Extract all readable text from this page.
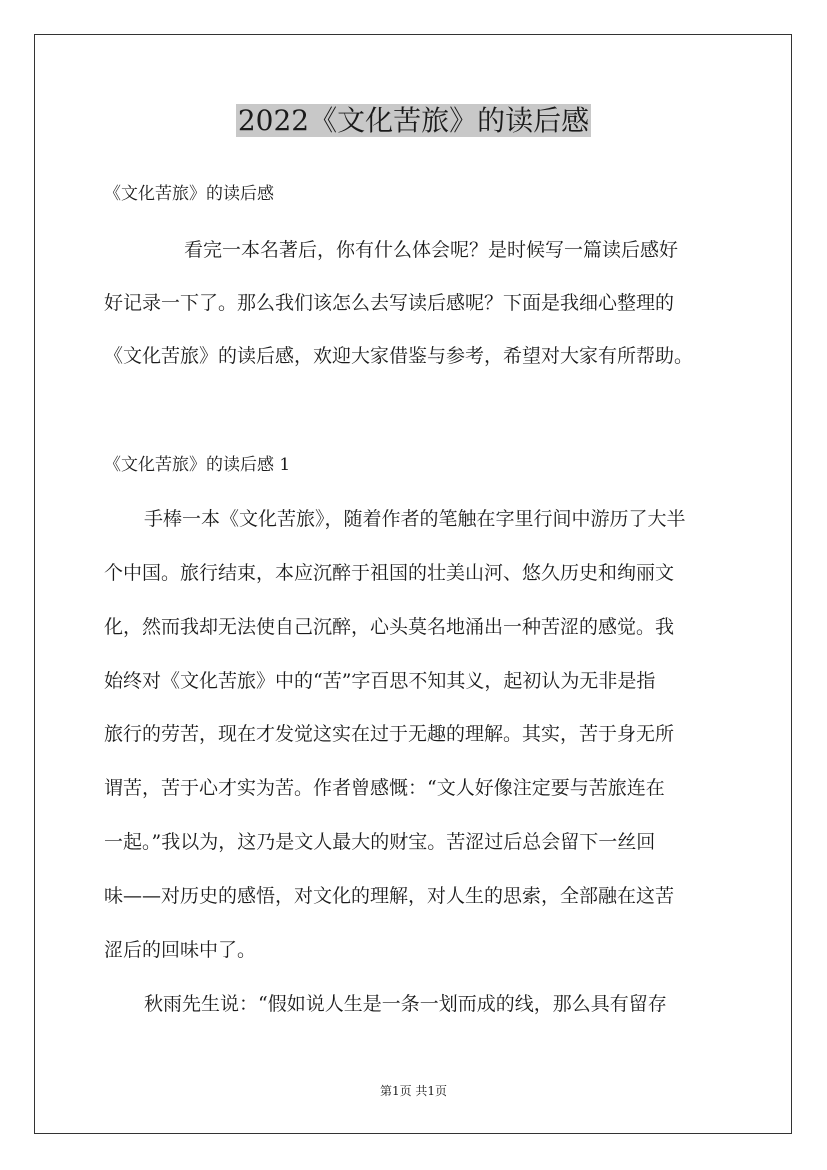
2022《文化苦旅》的读后感
《文化苦旅》的读后感
看完一本名著后，你有什么体会呢？是时候写一篇读后感好
好记录一下了。那么我们该怎么去写读后感呢？下面是我细心整理的
《文化苦旅》的读后感，欢迎大家借鉴与参考，希望对大家有所帮助。
《文化苦旅》的读后感 1
手棒一本《文化苦旅》，随着作者的笔触在字里行间中游历了大半
个中国。旅行结束，本应沉醉于祖国的壮美山河、悠久历史和绚丽文
化，然而我却无法使自己沉醉，心头莫名地涌出一种苦涩的感觉。我
始终对《文化苦旅》中的“苦”字百思不知其义，起初认为无非是指
旅行的劳苦，现在才发觉这实在过于无趣的理解。其实，苦于身无所
谓苦，苦于心才实为苦。作者曾感慨：“文人好像注定要与苦旅连在
一起。”我以为，这乃是文人最大的财宝。苦涩过后总会留下一丝回
味——对历史的感悟，对文化的理解，对人生的思索，全部融在这苦
涩后的回味中了。
秋雨先生说：“假如说人生是一条一划而成的线，那么具有留存
第1页 共1页
